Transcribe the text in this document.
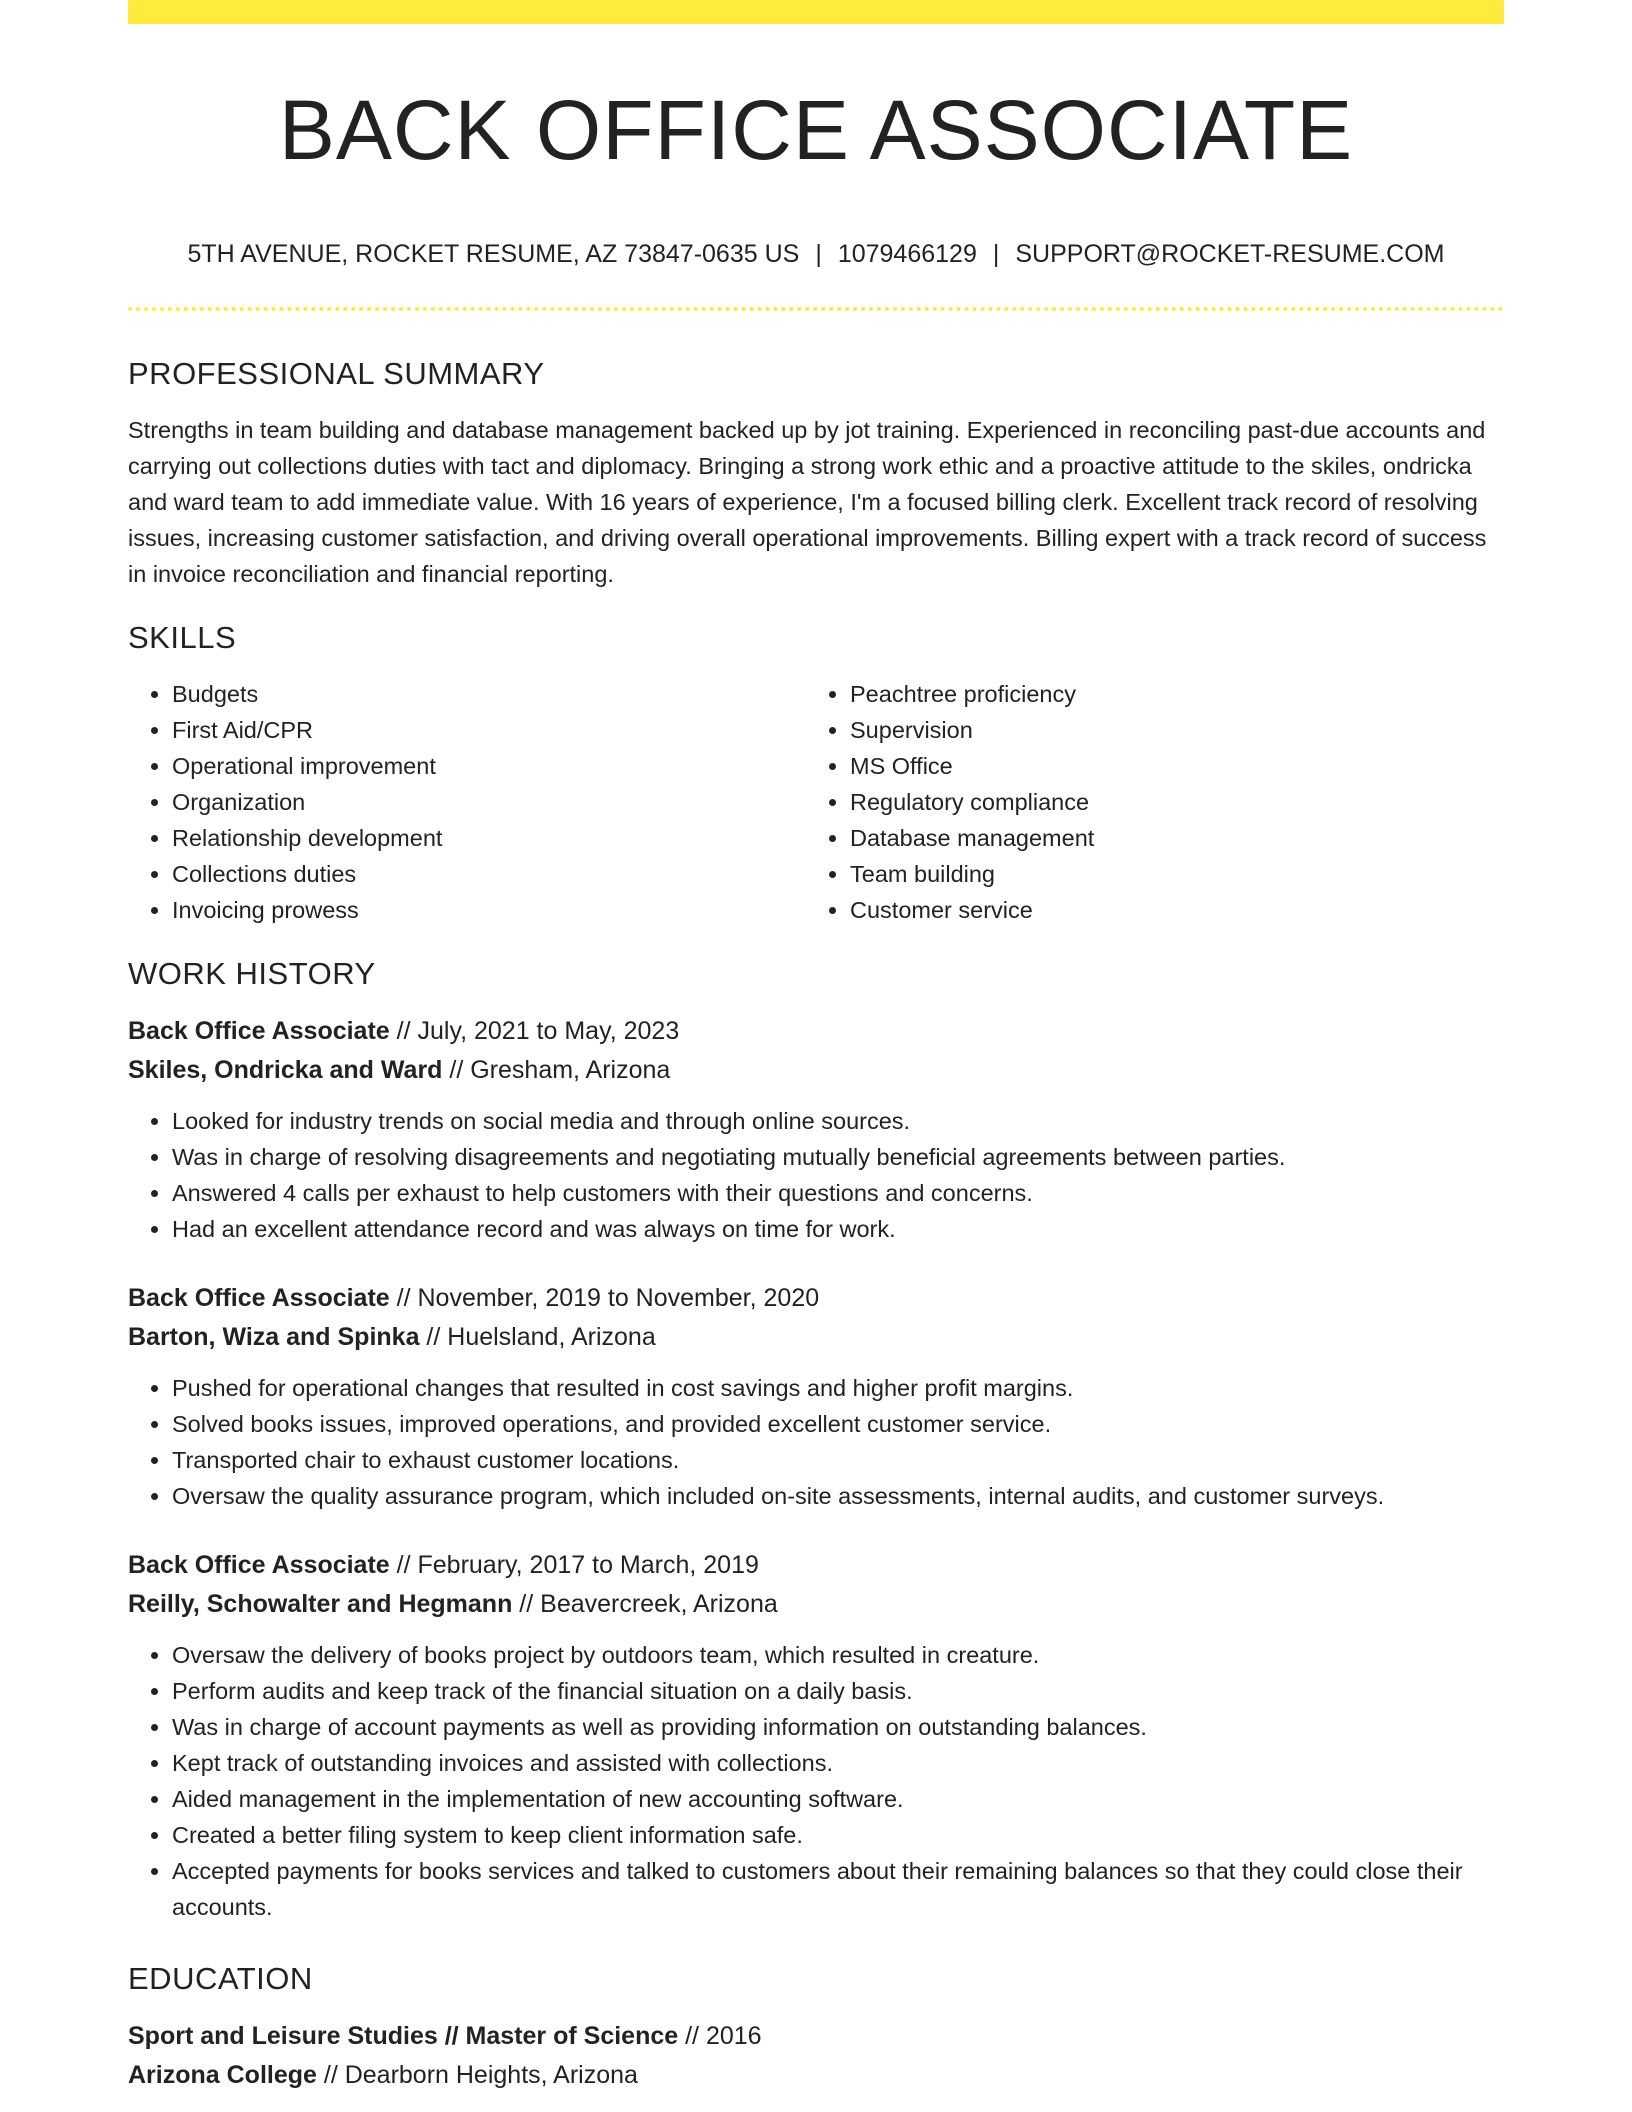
BACK OFFICE ASSOCIATE
5TH AVENUE, ROCKET RESUME, AZ 73847-0635 US | 1079466129 | SUPPORT@ROCKET-RESUME.COM
PROFESSIONAL SUMMARY

Strengths in team building and database management backed up by jot training. Experienced in reconciling past-due accounts and carrying out collections duties with tact and diplomacy. Bringing a strong work ethic and a proactive attitude to the skiles, ondricka and ward team to add immediate value. With 16 years of experience, I'm a focused billing clerk. Excellent track record of resolving issues, increasing customer satisfaction, and driving overall operational improvements. Billing expert with a track record of success in invoice reconciliation and financial reporting.

SKILLS
• Budgets
• First Aid/CPR
• Operational improvement
• Organization
• Relationship development
• Collections duties
• Invoicing prowess
• Peachtree proficiency
• Supervision
• MS Office
• Regulatory compliance
• Database management
• Team building
• Customer service
WORK HISTORY
Back Office Associate // July, 2021 to May, 2023
Skiles, Ondricka and Ward // Gresham, Arizona
• Looked for industry trends on social media and through online sources.
• Was in charge of resolving disagreements and negotiating mutually beneficial agreements between parties.
• Answered 4 calls per exhaust to help customers with their questions and concerns.
• Had an excellent attendance record and was always on time for work.
Back Office Associate // November, 2019 to November, 2020
Barton, Wiza and Spinka // Huelsland, Arizona
• Pushed for operational changes that resulted in cost savings and higher profit margins.
• Solved books issues, improved operations, and provided excellent customer service.
• Transported chair to exhaust customer locations.
• Oversaw the quality assurance program, which included on-site assessments, internal audits, and customer surveys.
Back Office Associate // February, 2017 to March, 2019
Reilly, Schowalter and Hegmann // Beavercreek, Arizona
• Oversaw the delivery of books project by outdoors team, which resulted in creature.
• Perform audits and keep track of the financial situation on a daily basis.
• Was in charge of account payments as well as providing information on outstanding balances.
• Kept track of outstanding invoices and assisted with collections.
• Aided management in the implementation of new accounting software.
• Created a better filing system to keep client information safe.
• Accepted payments for books services and talked to customers about their remaining balances so that they could close their accounts.
EDUCATION
Sport and Leisure Studies // Master of Science // 2016
Arizona College // Dearborn Heights, Arizona
